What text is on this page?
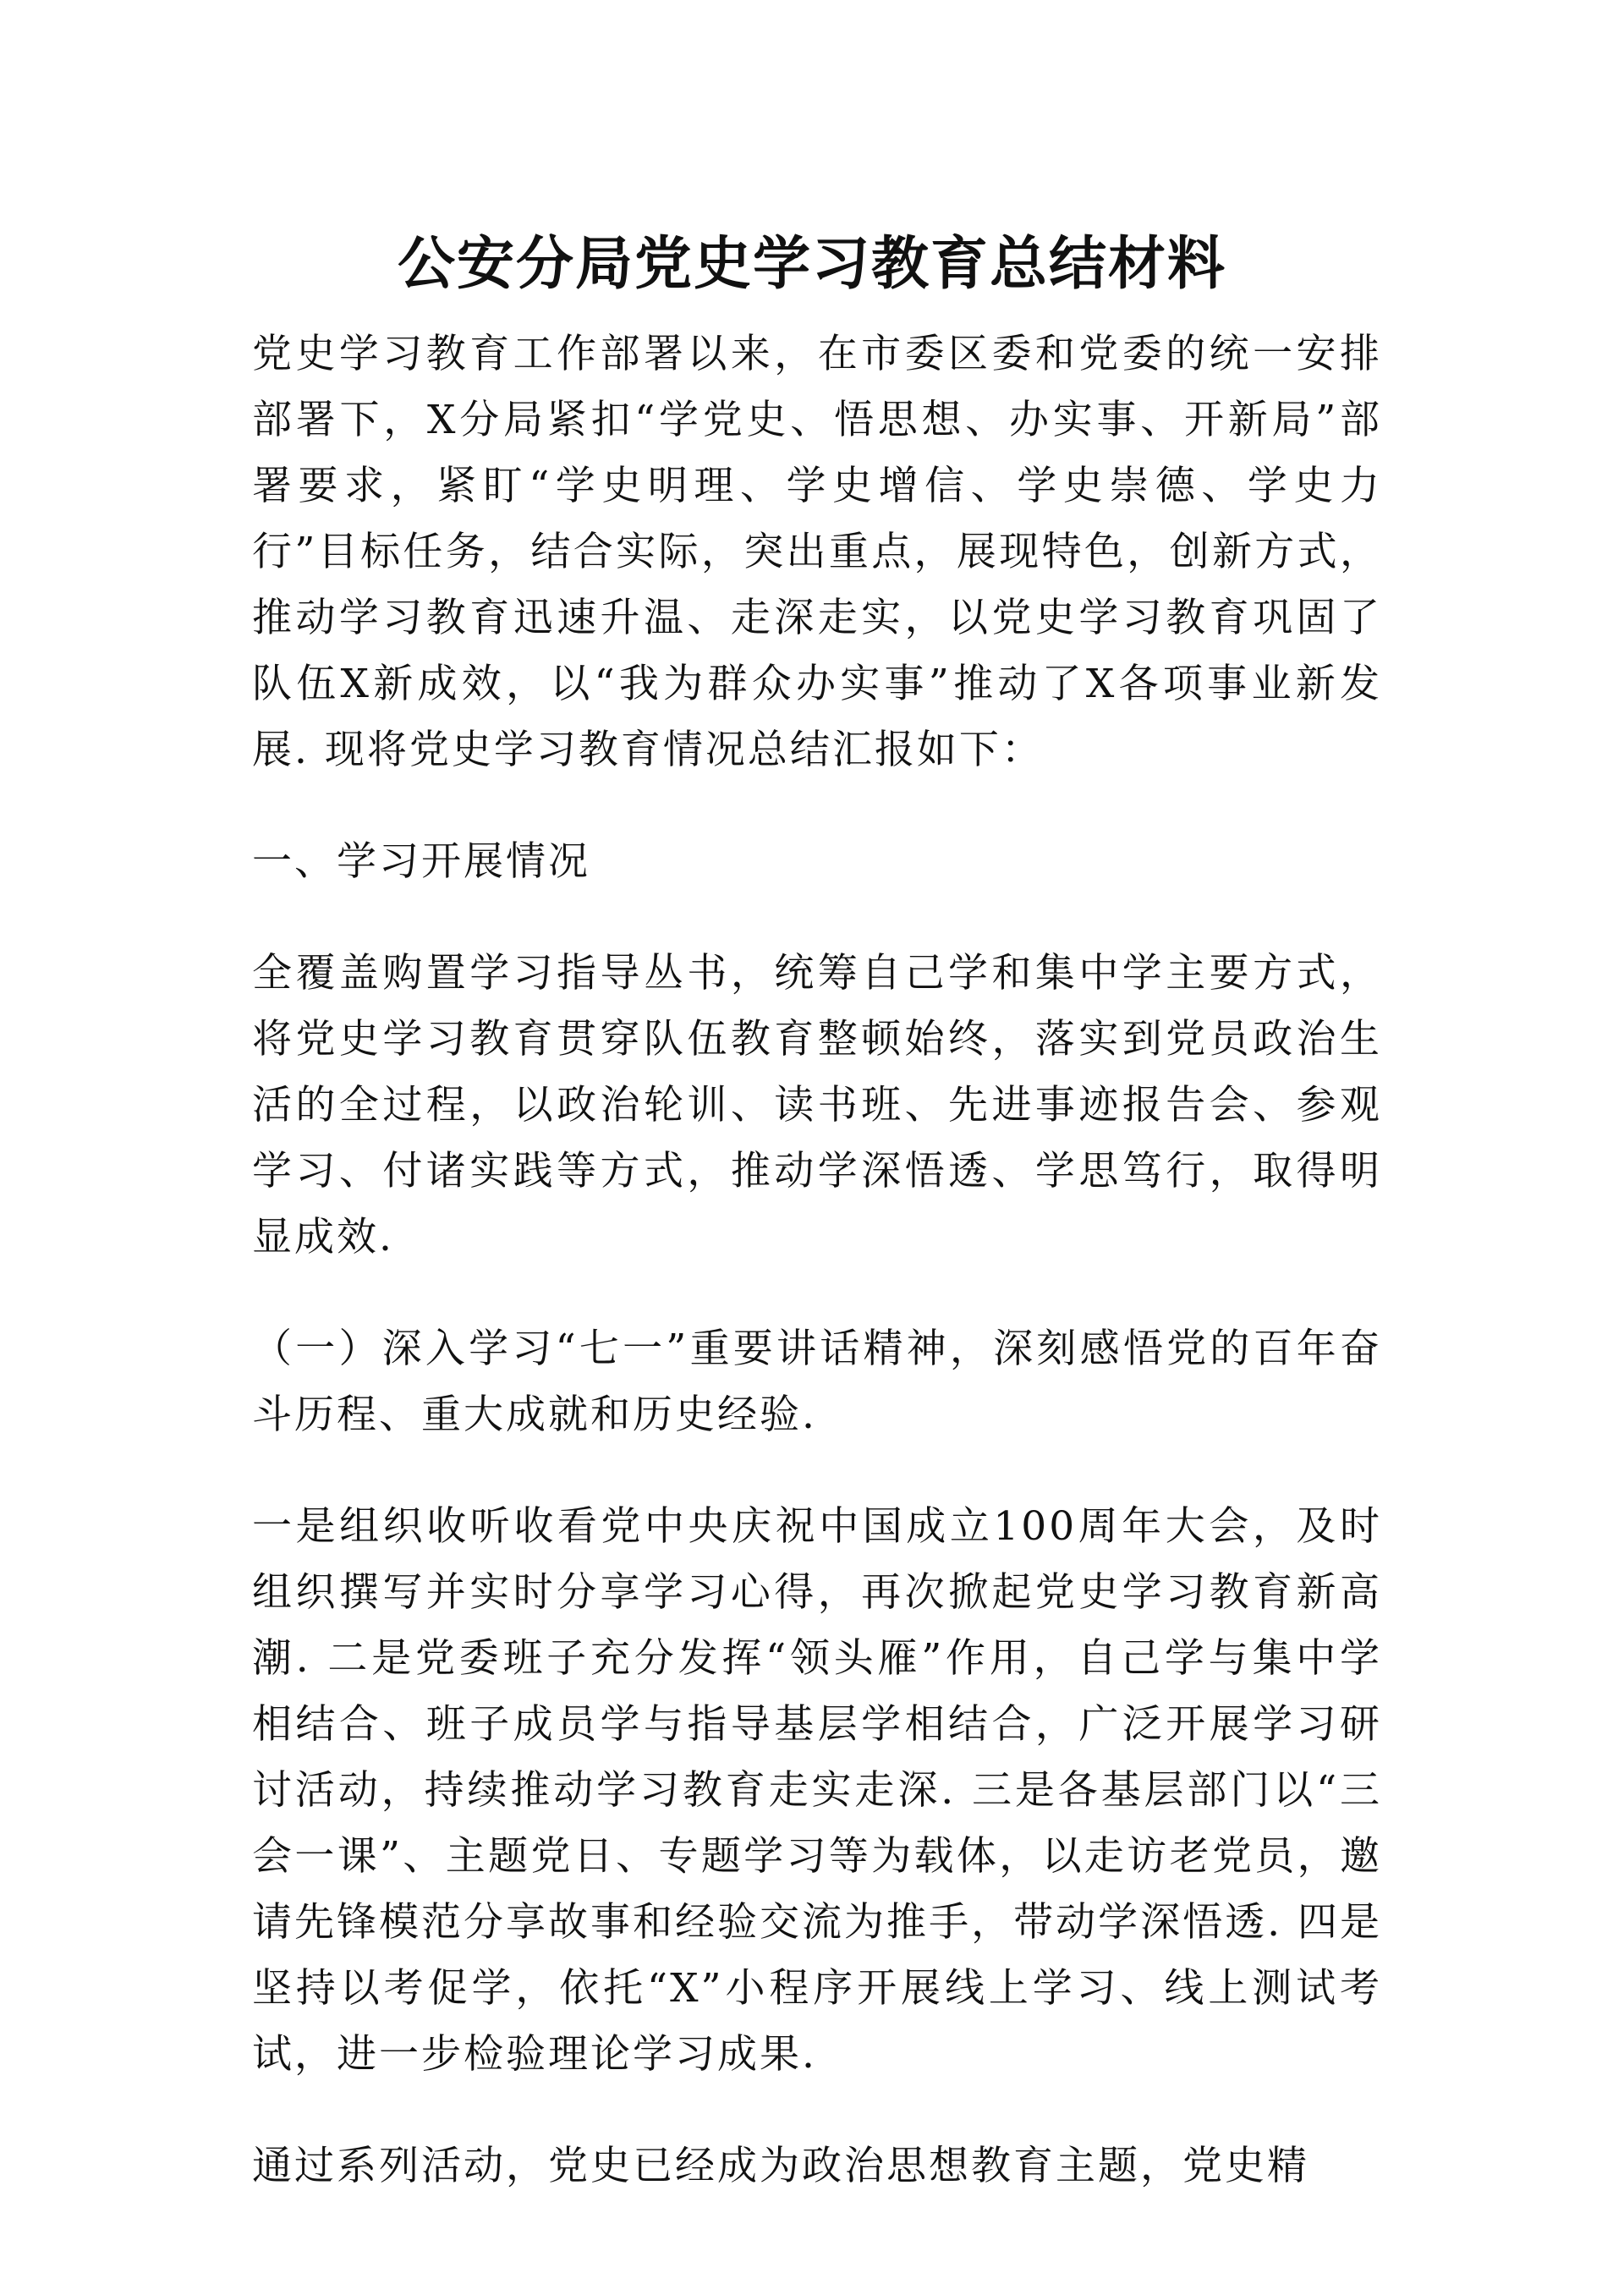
公安分局党史学习教育总结材料

党史学习教育工作部署以来，在市委区委和党委的统一安排部署下，X分局紧扣“学党史、悟思想、办实事、开新局”部署要求，紧盯“学史明理、学史增信、学史崇德、学史力行”目标任务，结合实际，突出重点，展现特色，创新方式，推动学习教育迅速升温、走深走实，以党史学习教育巩固了队伍X新成效，以“我为群众办实事”推动了X各项事业新发展. 现将党史学习教育情况总结汇报如下：

一、学习开展情况

全覆盖购置学习指导丛书，统筹自己学和集中学主要方式，将党史学习教育贯穿队伍教育整顿始终，落实到党员政治生活的全过程，以政治轮训、读书班、先进事迹报告会、参观学习、付诸实践等方式，推动学深悟透、学思笃行，取得明显成效.

（一）深入学习“七一”重要讲话精神，深刻感悟党的百年奋斗历程、重大成就和历史经验.

一是组织收听收看党中央庆祝中国成立100周年大会，及时组织撰写并实时分享学习心得，再次掀起党史学习教育新高潮. 二是党委班子充分发挥“领头雁”作用，自己学与集中学相结合、班子成员学与指导基层学相结合，广泛开展学习研讨活动，持续推动学习教育走实走深. 三是各基层部门以“三会一课”、主题党日、专题学习等为载体，以走访老党员，邀请先锋模范分享故事和经验交流为推手，带动学深悟透. 四是坚持以考促学，依托“X”小程序开展线上学习、线上测试考试，进一步检验理论学习成果.

通过系列活动，党史已经成为政治思想教育主题，党史精
